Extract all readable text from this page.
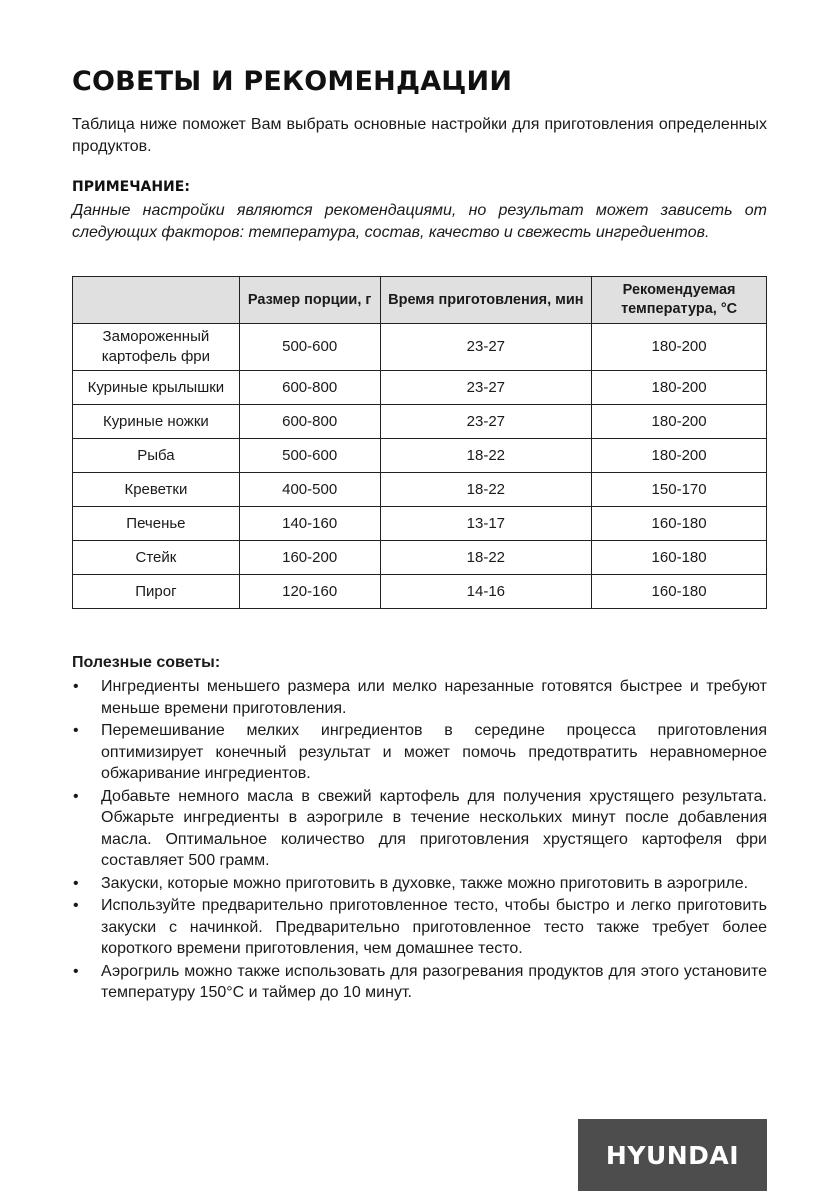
СОВЕТЫ И РЕКОМЕНДАЦИИ

Таблица ниже поможет Вам выбрать основные настройки для приготовления определенных продуктов.

ПРИМЕЧАНИЕ:

Данные настройки являются рекомендациями, но результат может зависеть от следующих факторов: температура, состав, качество и свежесть ингредиентов.

	Размер порции, г	Время приготовления, мин	Рекомендуемая температура, °С
Замороженный картофель фри	500-600	23-27	180-200
Куриные крылышки	600-800	23-27	180-200
Куриные ножки	600-800	23-27	180-200
Рыба	500-600	18-22	180-200
Креветки	400-500	18-22	150-170
Печенье	140-160	13-17	160-180
Стейк	160-200	18-22	160-180
Пирог	120-160	14-16	160-180

Полезные советы:

• Ингредиенты меньшего размера или мелко нарезанные готовятся быстрее и требуют меньше времени приготовления.
• Перемешивание мелких ингредиентов в середине процесса приготовления оптимизирует конечный результат и может помочь предотвратить неравномерное обжаривание ингредиентов.
• Добавьте немного масла в свежий картофель для получения хрустящего результата. Обжарьте ингредиенты в аэрогриле в течение нескольких минут после добавления масла. Оптимальное количество для приготовления хрустящего картофеля фри составляет 500 грамм.
• Закуски, которые можно приготовить в духовке, также можно приготовить в аэрогриле.
• Используйте предварительно приготовленное тесто, чтобы быстро и легко приготовить закуски с начинкой. Предварительно приготовленное тесто также требует более короткого времени приготовления, чем домашнее тесто.
• Аэрогриль можно также использовать для разогревания продуктов для этого установите температуру 150°С и таймер до 10 минут.
HYUNDAI
